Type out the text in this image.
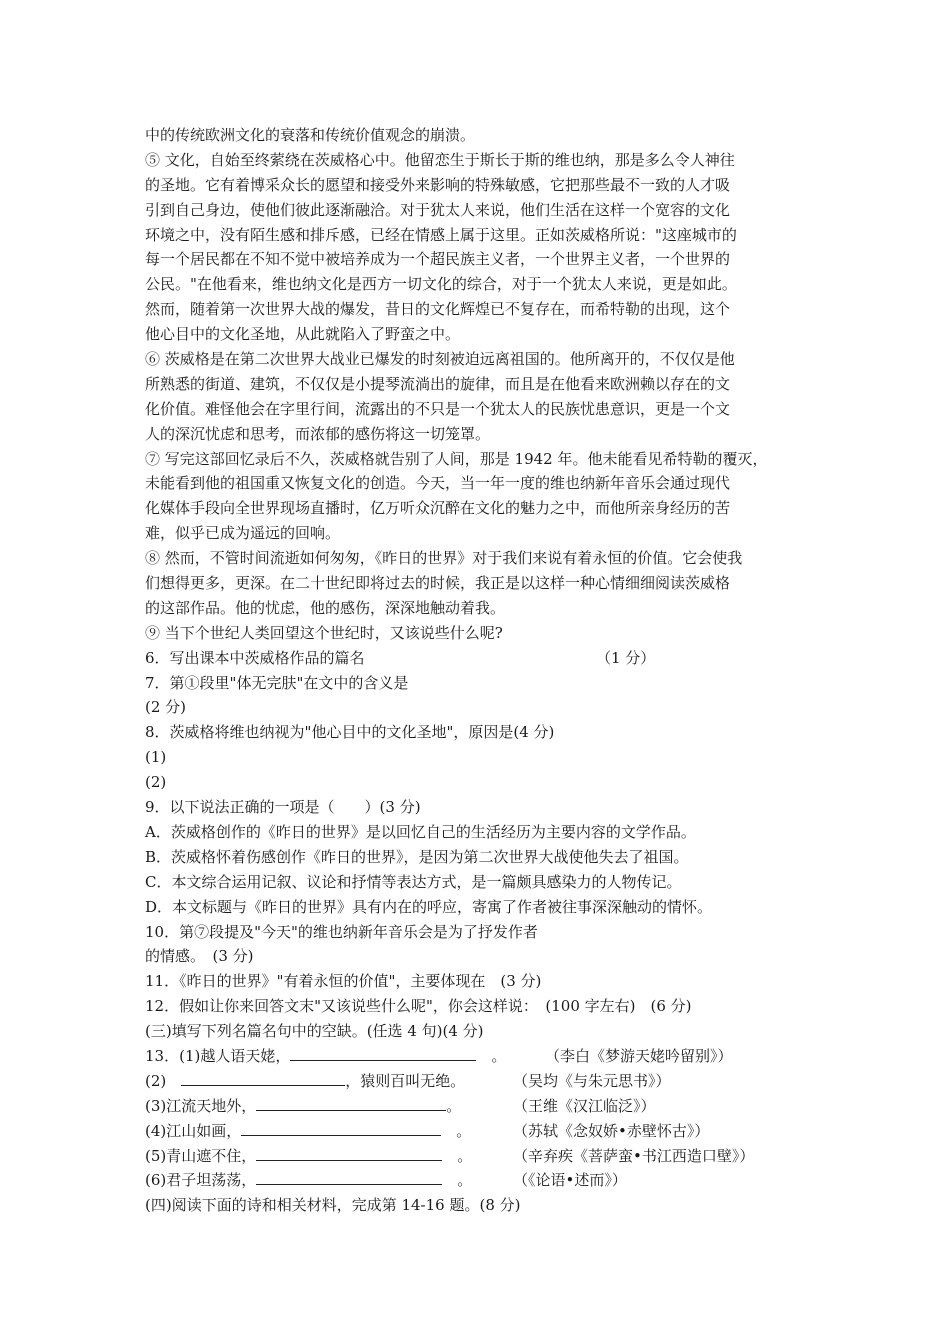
中的传统欧洲文化的衰落和传统价值观念的崩溃。
⑤ 文化，自始至终萦绕在茨威格心中。他留恋生于斯长于斯的维也纳，那是多么令人神往
的圣地。它有着博采众长的愿望和接受外来影响的特殊敏感，它把那些最不一致的人才吸
引到自己身边，使他们彼此逐渐融洽。对于犹太人来说，他们生活在这样一个宽容的文化
环境之中，没有陌生感和排斥感，已经在情感上属于这里。正如茨威格所说："这座城市的
每一个居民都在不知不觉中被培养成为一个超民族主义者，一个世界主义者，一个世界的
公民。"在他看来，维也纳文化是西方一切文化的综合，对于一个犹太人来说，更是如此。
然而，随着第一次世界大战的爆发，昔日的文化辉煌已不复存在，而希特勒的出现，这个
他心目中的文化圣地，从此就陷入了野蛮之中。
⑥ 茨威格是在第二次世界大战业已爆发的时刻被迫远离祖国的。他所离开的，不仅仅是他
所熟悉的街道、建筑，不仅仅是小提琴流淌出的旋律，而且是在他看来欧洲赖以存在的文
化价值。难怪他会在字里行间，流露出的不只是一个犹太人的民族忧患意识，更是一个文
人的深沉忧虑和思考，而浓郁的感伤将这一切笼罩。
⑦ 写完这部回忆录后不久，茨威格就告别了人间，那是 1942 年。他未能看见希特勒的覆灭，
未能看到他的祖国重又恢复文化的创造。今天，当一年一度的维也纳新年音乐会通过现代
化媒体手段向全世界现场直播时，亿万听众沉醉在文化的魅力之中，而他所亲身经历的苦
难，似乎已成为遥远的回响。
⑧ 然而，不管时间流逝如何匆匆，《昨日的世界》对于我们来说有着永恒的价值。它会使我
们想得更多，更深。在二十世纪即将过去的时候，我正是以这样一种心情细细阅读茨威格
的这部作品。他的忧虑，他的感伤，深深地触动着我。
⑨ 当下个世纪人类回望这个世纪时，又该说些什么呢?

6．写出课本中茨威格作品的篇名

	（1 分）

7．第①段里"体无完肤"在文中的含义是
(2 分)
8．茨威格将维也纳视为"他心目中的文化圣地"，原因是(4 分)
(1)
(2)
9．以下说法正确的一项是（　　）(3 分)
A．茨威格创作的《昨日的世界》是以回忆自己的生活经历为主要内容的文学作品。
B．茨威格怀着伤感创作《昨日的世界》，是因为第二次世界大战使他失去了祖国。
C．本文综合运用记叙、议论和抒情等表达方式，是一篇颇具感染力的人物传记。
D．本文标题与《昨日的世界》具有内在的呼应，寄寓了作者被往事深深触动的情怀。
10．第⑦段提及"今天"的维也纳新年音乐会是为了抒发作者
的情感。　(3 分)
11．《昨日的世界》"有着永恒的价值"，主要体现在　(3 分)
12．假如让你来回答文末"又该说些什么呢"，你会这样说：　(100 字左右)　(6 分)
(三)填写下列名篇名句中的空缺。(任选 4 句)(4 分)

13．(1)越人语天姥，	　。

	（李白《梦游天姥吟留别》）

(2)　	，猿则百叫无绝。

	（吴均《与朱元思书》）

(3)江流天地外，	。

	（王维《汉江临泛》）

(4)江山如画，	　。

	（苏轼《念奴娇•赤壁怀古》）

(5)青山遮不住，	　。

	（辛弃疾《菩萨蛮•书江西造口壁》）

(6)君子坦荡荡，	　。

	（《论语•述而》）

(四)阅读下面的诗和相关材料，完成第 14-16 题。(8 分)
